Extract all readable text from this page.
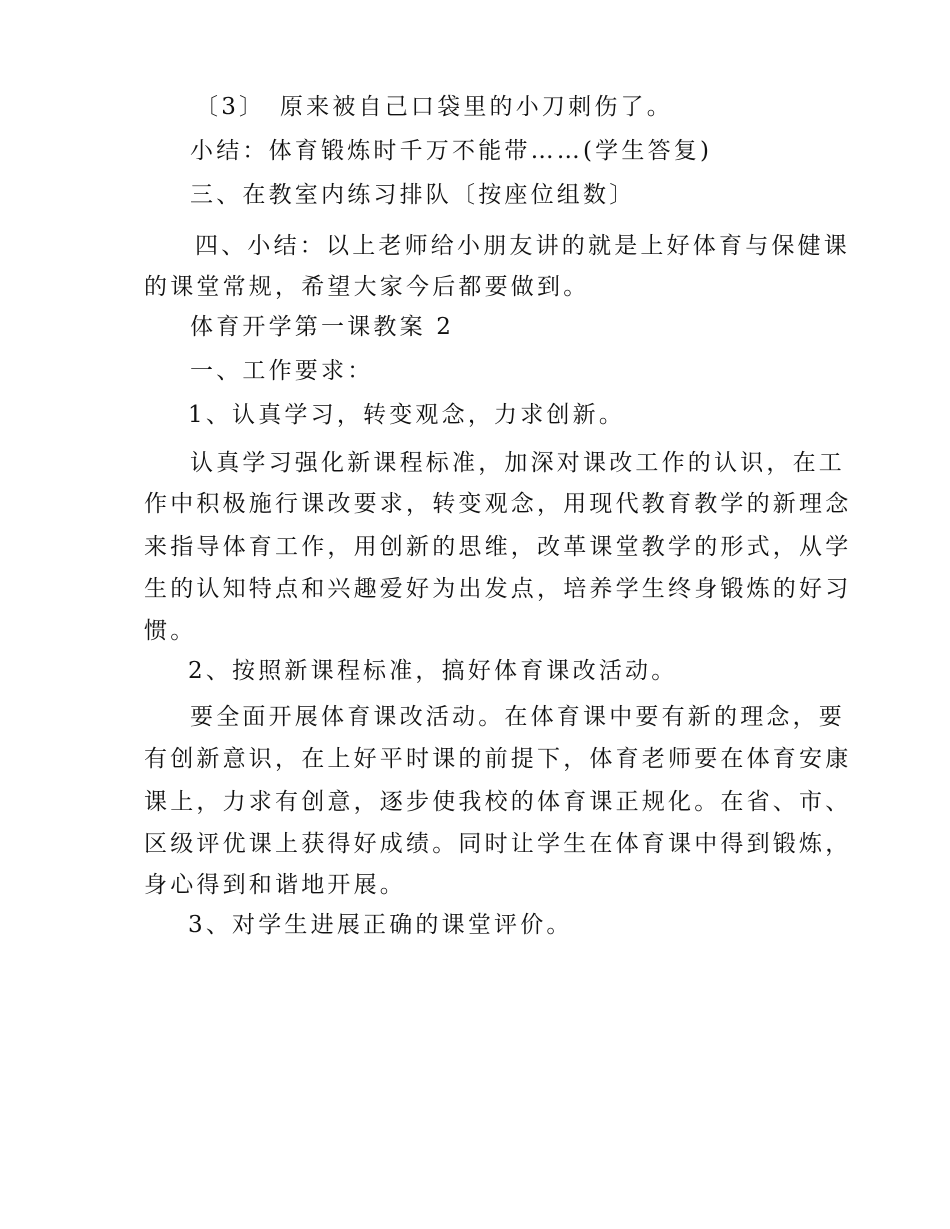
〔3〕　原来被自己口袋里的小刀刺伤了。
小结：体育锻炼时千万不能带……(学生答复)
三、在教室内练习排队〔按座位组数〕
四、小结：以上老师给小朋友讲的就是上好体育与保健课
的课堂常规，希望大家今后都要做到。
体育开学第一课教案 2
一、工作要求：
1、认真学习，转变观念，力求创新。
认真学习强化新课程标准，加深对课改工作的认识，在工
作中积极施行课改要求，转变观念，用现代教育教学的新理念
来指导体育工作，用创新的思维，改革课堂教学的形式，从学
生的认知特点和兴趣爱好为出发点，培养学生终身锻炼的好习
惯。
2、按照新课程标准，搞好体育课改活动。
要全面开展体育课改活动。在体育课中要有新的理念，要
有创新意识，在上好平时课的前提下，体育老师要在体育安康
课上，力求有创意，逐步使我校的体育课正规化。在省、市、
区级评优课上获得好成绩。同时让学生在体育课中得到锻炼，
身心得到和谐地开展。
3、对学生进展正确的课堂评价。
